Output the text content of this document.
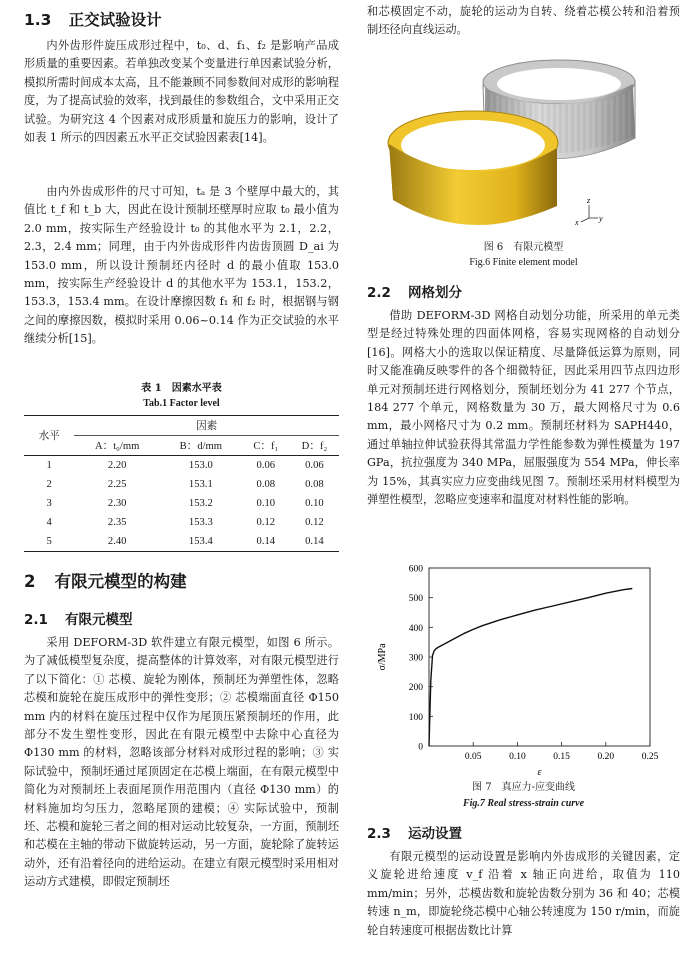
1.3 正交试验设计

内外齿形件旋压成形过程中，t₀、d、f₁、f₂ 是影响产品成形质量的重要因素。若单独改变某个变量进行单因素试验分析，模拟所需时间成本太高，且不能兼顾不同参数间对成形的影响程度，为了提高试验的效率，找到最佳的参数组合，文中采用正交试验。为研究这 4 个因素对成形质量和旋压力的影响，设计了如表 1 所示的四因素五水平正交试验因素表[14]。

由内外齿成形件的尺寸可知，tₐ 是 3 个壁厚中最大的，其值比 t_f 和 t_b 大，因此在设计预制坯壁厚时应取 t₀ 最小值为 2.0 mm，按实际生产经验设计 t₀ 的其他水平为 2.1，2.2，2.3，2.4 mm；同理，由于内外齿成形件内齿齿顶圆 D_ai 为 153.0 mm，所以设计预制坯内径时 d 的最小值取 153.0 mm，按实际生产经验设计 d 的其他水平为 153.1，153.2，153.3，153.4 mm。在设计摩擦因数 f₁ 和 f₂ 时，根据钢与钢之间的摩擦因数，模拟时采用 0.06~0.14 作为正交试验的水平继续分析[15]。

表 1　因素水平表
Tab.1 Factor level
水平	因素			
	A：t₀/mm	B：d/mm	C：f₁	D：f₂
1	2.20	153.0	0.06	0.06
2	2.25	153.1	0.08	0.08
3	2.30	153.2	0.10	0.10
4	2.35	153.3	0.12	0.12
5	2.40	153.4	0.14	0.14
2 有限元模型的构建
2.1 有限元模型

采用 DEFORM-3D 软件建立有限元模型，如图 6 所示。为了减低模型复杂度，提高整体的计算效率，对有限元模型进行了以下简化：① 芯模、旋轮为刚体，预制坯为弹塑性体，忽略芯模和旋轮在旋压成形中的弹性变形；② 芯模端面直径 Φ150 mm 内的材料在旋压过程中仅作为尾顶压紧预制坯的作用，此部分不发生塑性变形，因此在有限元模型中去除中心直径为 Φ130 mm 的材料，忽略该部分材料对成形过程的影响；③ 实际试验中，预制坯通过尾顶固定在芯模上端面，在有限元模型中简化为对预制坯上表面尾顶作用范围内（直径 Φ130 mm）的材料施加均匀压力，忽略尾顶的建模；④ 实际试验中，预制坯、芯模和旋轮三者之间的相对运动比较复杂，一方面，预制坯和芯模在主轴的带动下做旋转运动，另一方面，旋轮除了旋转运动外，还有沿着径向的进给运动。在建立有限元模型时采用相对运动方式建模，即假定预制坯

和芯模固定不动，旋轮的运动为自转、绕着芯模公转和沿着预制坯径向直线运动。

z
x	y
图 6　有限元模型
Fig.6 Finite element model
2.2 网格划分

借助 DEFORM-3D 网格自动划分功能，所采用的单元类型是经过特殊处理的四面体网格，容易实现网格的自动划分[16]。网格大小的选取以保证精度、尽量降低运算为原则，同时又能准确反映零件的各个细微特征，因此采用四节点四边形单元对预制坯进行网格划分，预制坯划分为 41 277 个节点，184 277 个单元，网格数量为 30 万，最大网格尺寸为 0.6 mm，最小网格尺寸为 0.2 mm。预制坯材料为 SAPH440，通过单轴拉伸试验获得其常温力学性能参数为弹性模量为 197 GPa，抗拉强度为 340 MPa，屈服强度为 554 MPa，伸长率为 15%，其真实应力应变曲线见图 7。预制坯采用材料模型为弹塑性模型，忽略应变速率和温度对材料性能的影响。

0
100
200
300
400
500
600
0.05	0.10	0.15	0.20	0.25
ε
σ/MPa
图 7　真应力-应变曲线
Fig.7 Real stress-strain curve
2.3 运动设置

有限元模型的运动设置是影响内外齿成形的关键因素，定义旋轮进给速度 v_f 沿着 x 轴正向进给，取值为 110 mm/min；另外，芯模齿数和旋轮齿数分别为 36 和 40；芯模转速 n_m，即旋轮绕芯模中心轴公转速度为 150 r/min，而旋轮自转速度可根据齿数比计算
